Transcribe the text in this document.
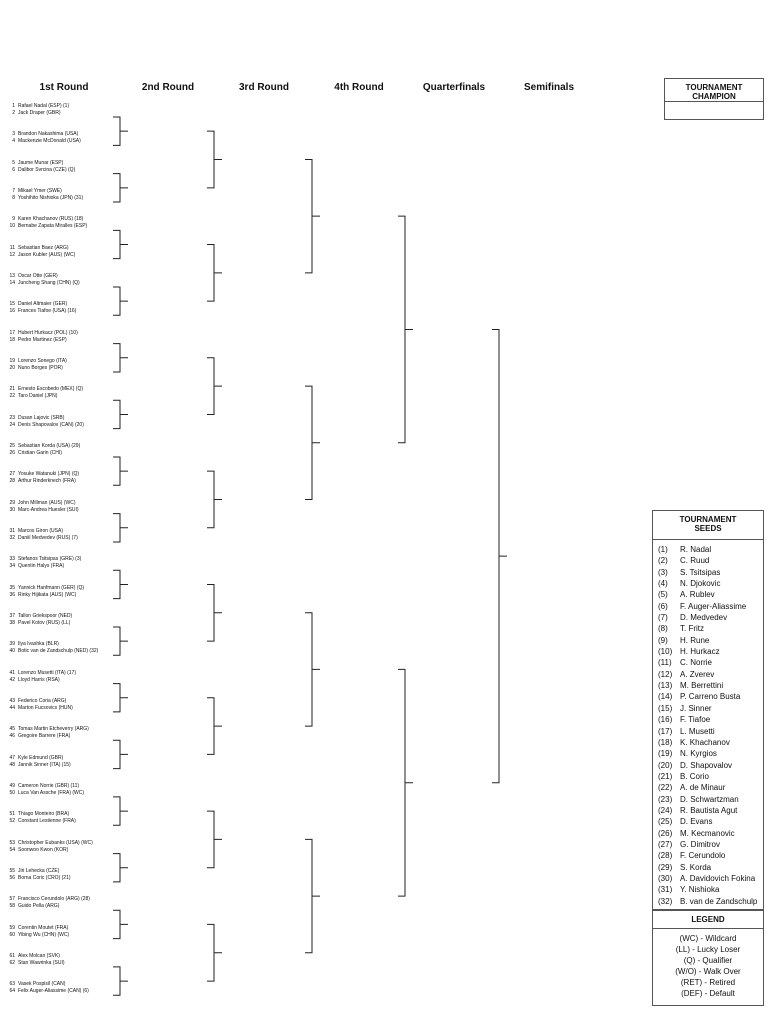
1st Round	2nd Round	3rd Round	4th Round	Quarterfinals	Semifinals
1 Rafael Nadal (ESP) (1)
2 Jack Draper (GBR)
3 Brandon Nakashima (USA)
4 Mackenzie McDonald (USA)
5 Jaume Munar (ESP)
6 Dalibor Svrcina (CZE) (Q)
7 Mikael Ymer (SWE)
8 Yoshihito Nishioka (JPN) (31)
9 Karen Khachanov (RUS) (18)
10 Bernabe Zapata Miralles (ESP)
11 Sebastian Baez (ARG)
12 Jason Kubler (AUS) (WC)
13 Oscar Otte (GER)
14 Juncheng Shang (CHN) (Q)
15 Daniel Altmaier (GER)
16 Frances Tiafoe (USA) (16)
17 Hubert Hurkacz (POL) (10)
18 Pedro Martinez (ESP)
19 Lorenzo Sonego (ITA)
20 Nuno Borges (POR)
21 Ernesto Escobedo (MEX) (Q)
22 Taro Daniel (JPN)
23 Dusan Lajovic (SRB)
24 Denis Shapovalov (CAN) (20)
25 Sebastian Korda (USA) (29)
26 Cristian Garin (CHI)
27 Yosuke Watanuki (JPN) (Q)
28 Arthur Rinderknech (FRA)
29 John Millman (AUS) (WC)
30 Marc-Andrea Huesler (SUI)
31 Marcos Giron (USA)
32 Daniil Medvedev (RUS) (7)
33 Stefanos Tsitsipas (GRE) (3)
34 Quentin Halys (FRA)
35 Yannick Hanfmann (GER) (Q)
36 Rinky Hijikata (AUS) (WC)
37 Tallon Griekspoor (NED)
38 Pavel Kotov (RUS) (LL)
39 Ilya Ivashka (BLR)
40 Botic van de Zandschulp (NED) (32)
41 Lorenzo Musetti (ITA) (17)
42 Lloyd Harris (RSA)
43 Federico Coria (ARG)
44 Marton Fucsovics (HUN)
45 Tomas Martin Etcheverry (ARG)
46 Gregoire Barrere (FRA)
47 Kyle Edmund (GBR)
48 Jannik Sinner (ITA) (15)
49 Cameron Norrie (GBR) (11)
50 Luca Van Assche (FRA) (WC)
51 Thiago Monteiro (BRA)
52 Constant Lestienne (FRA)
53 Christopher Eubanks (USA) (WC)
54 Soonwoo Kwon (KOR)
55 Jiri Lehecka (CZE)
56 Borna Coric (CRO) (21)
57 Francisco Cerundolo (ARG) (28)
58 Guido Pella (ARG)
59 Corentin Moutet (FRA)
60 Yibing Wu (CHN) (WC)
61 Alex Molcan (SVK)
62 Stan Wawrinka (SUI)
63 Vasek Pospisil (CAN)
64 Felix Auger-Aliassime (CAN) (6)
TOURNAMENT CHAMPION
TOURNAMENT SEEDS
(1) R. Nadal
(2) C. Ruud
(3) S. Tsitsipas
(4) N. Djokovic
(5) A. Rublev
(6) F. Auger-Aliassime
(7) D. Medvedev
(8) T. Fritz
(9) H. Rune
(10) H. Hurkacz
(11) C. Norrie
(12) A. Zverev
(13) M. Berrettini
(14) P. Carreno Busta
(15) J. Sinner
(16) F. Tiafoe
(17) L. Musetti
(18) K. Khachanov
(19) N. Kyrgios
(20) D. Shapovalov
(21) B. Corio
(22) A. de Minaur
(23) D. Schwartzman
(24) R. Bautista Agut
(25) D. Evans
(26) M. Kecmanovic
(27) G. Dimitrov
(28) F. Cerundolo
(29) S. Korda
(30) A. Davidovich Fokina
(31) Y. Nishioka
(32) B. van de Zandschulp
LEGEND
(WC) - Wildcard
(LL) - Lucky Loser
(Q) - Qualifier
(W/O) - Walk Over
(RET) - Retired
(DEF) - Default
